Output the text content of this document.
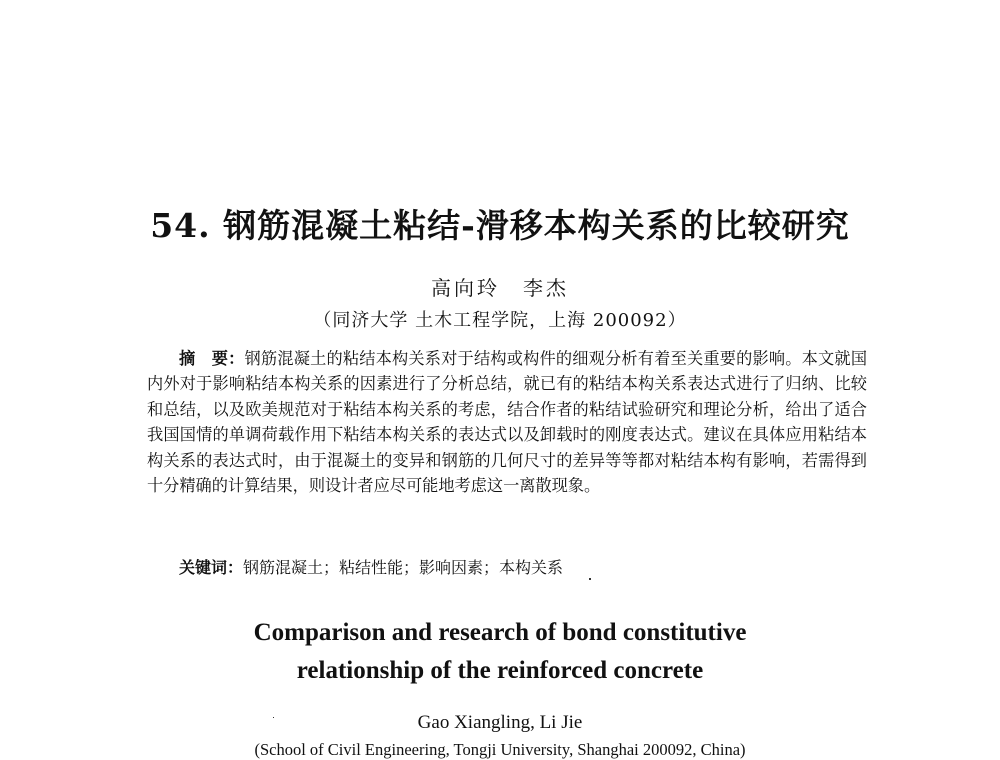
54. 钢筋混凝土粘结-滑移本构关系的比较研究
高向玲　李杰
（同济大学 土木工程学院，上海 200092）

摘　要：钢筋混凝土的粘结本构关系对于结构或构件的细观分析有着至关重要的影响。本文就国内外对于影响粘结本构关系的因素进行了分析总结，就已有的粘结本构关系表达式进行了归纳、比较和总结，以及欧美规范对于粘结本构关系的考虑，结合作者的粘结试验研究和理论分析，给出了适合我国国情的单调荷载作用下粘结本构关系的表达式以及卸载时的刚度表达式。建议在具体应用粘结本构关系的表达式时，由于混凝土的变异和钢筋的几何尺寸的差异等等都对粘结本构有影响，若需得到十分精确的计算结果，则设计者应尽可能地考虑这一离散现象。

关键词：钢筋混凝土；粘结性能；影响因素；本构关系
Comparison and research of bond constitutive
relationship of the reinforced concrete
Gao Xiangling, Li Jie
(School of Civil Engineering, Tongji University, Shanghai 200092, China)
